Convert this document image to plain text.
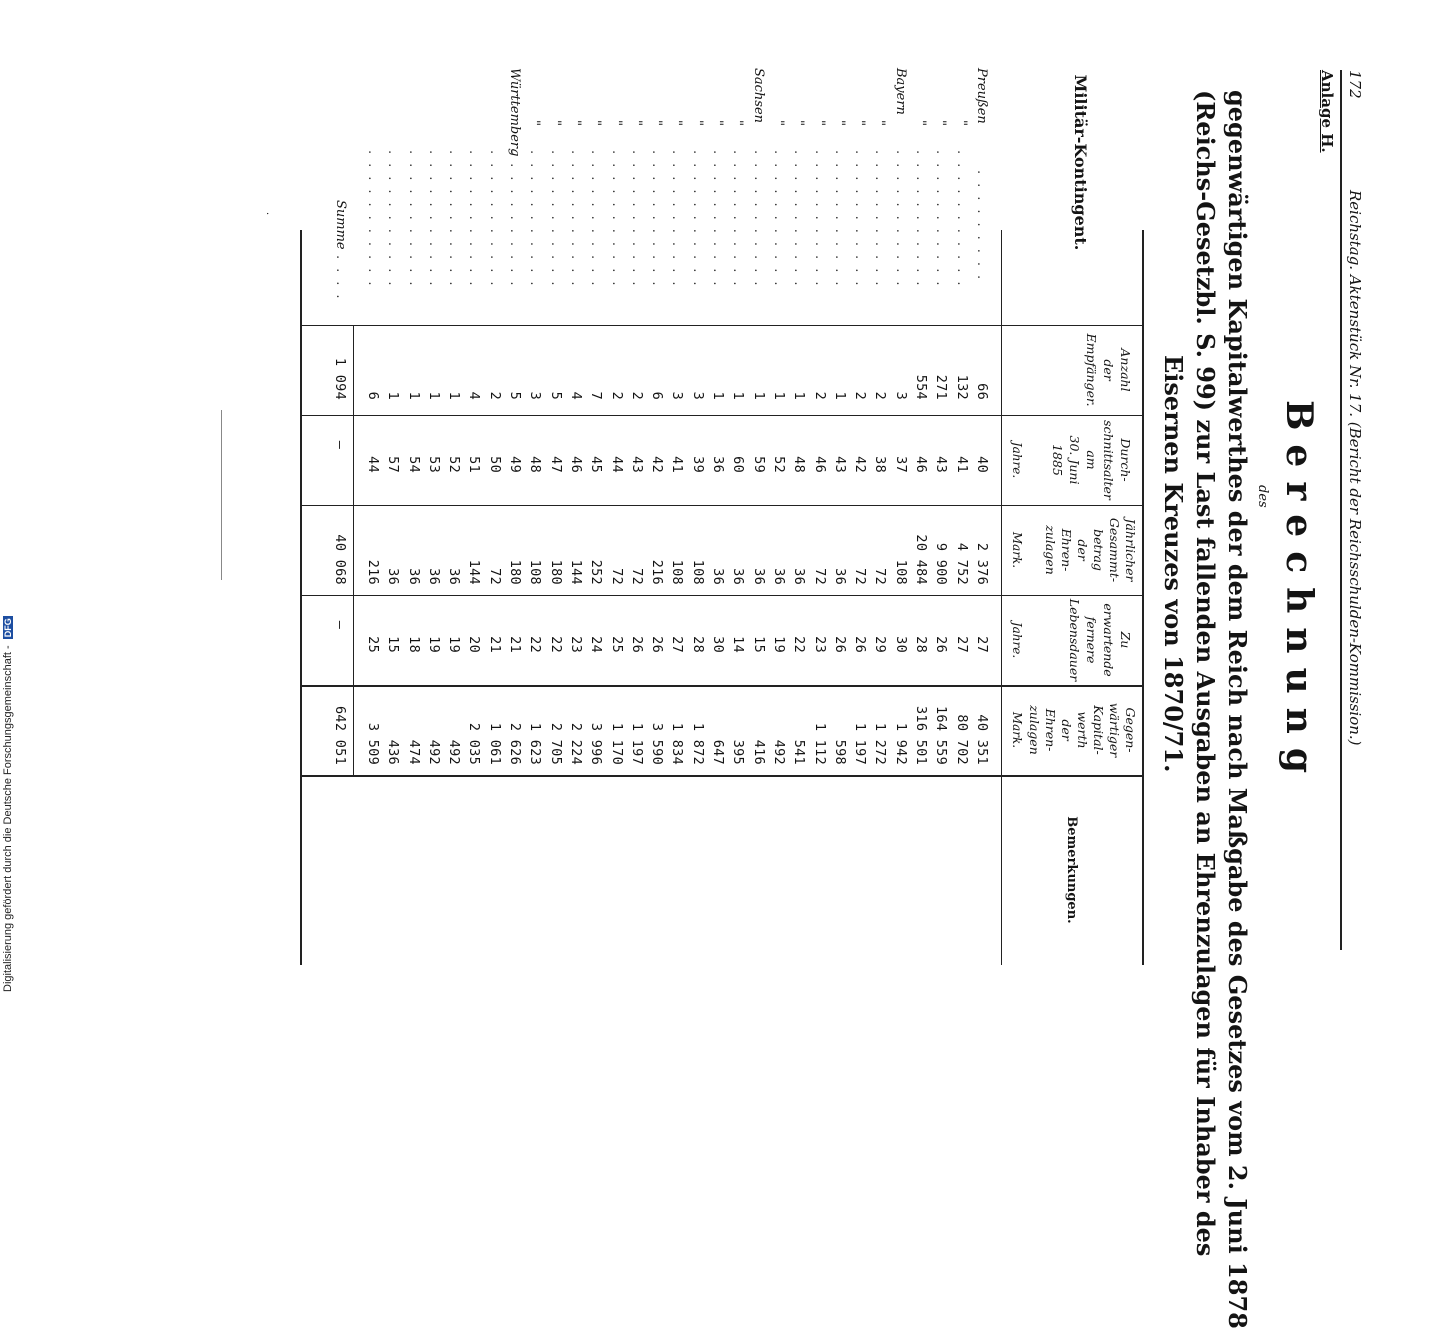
172
Reichstag. Aktenstück Nr. 17. (Bericht der Reichsschulden-Kommission.)
Anlage H.
Berechnung
des
gegenwärtigen Kapitalwerthes der dem Reich nach Maßgabe des Gesetzes vom 2. Juni 1878
(Reichs-Gesetzbl. S. 99) zur Last fallenden Ausgaben an Ehrenzulagen für Inhaber des
Eisernen Kreuzes von 1870/71.
Militär-Kontingent.
Anzahl
der
Empfänger.
Durch-
schnittsalter
am
30. Juni
1885
Jährlicher
Gesammt-
betrag
der
Ehren-
zulagen
Zu
erwartende
fernere
Lebensdauer
Gegen-
wärtiger
Kapital-
werth
der
Ehren-
zulagen
Bemerkungen.
Jahre.
Mark.
Jahre.
Mark.
66
40
2 376
27
40 351
.........
132
41
4 752
27
80 702
...........
271
43
9 900
26
164 559
...........
554
46
20 484
28
316 501
...........
3
37
108
30
1 942
...........
2
38
72
29
1 272
...........
2
42
72
26
1 197
...........
1
43
36
26
598
...........
2
46
72
23
1 112
...........
1
48
36
22
541
...........
1
52
36
19
492
...........
1
59
36
15
416
...........
1
60
36
14
395
...........
1
36
36
30
647
...........
3
39
108
28
1 872
...........
3
41
108
27
1 834
...........
6
42
216
26
3 590
...........
2
43
72
26
1 197
...........
2
44
72
25
1 170
...........
7
45
252
24
3 996
...........
4
46
144
23
2 224
...........
5
47
180
22
2 705
...........
3
48
108
22
1 623
...........
5
49
180
21
2 626
...........
2
50
72
21
1 061
...........
4
51
144
20
2 035
...........
1
52
36
19
492
...........
1
53
36
19
492
...........
1
54
36
18
474
...........
1
57
36
15
436
...........
6
44
216
25
3 509
...........
Preußen
"
"
"
Bayern
"
"
"
"
"
"
Sachsen
"
"
"
"
"
"
"
"
"
"
"
Württemberg
Summe
....
1 094
—
40 068
—
642 051
·
Digitalisierung gefördert durch die Deutsche Forschungsgemeinschaft - DFG
